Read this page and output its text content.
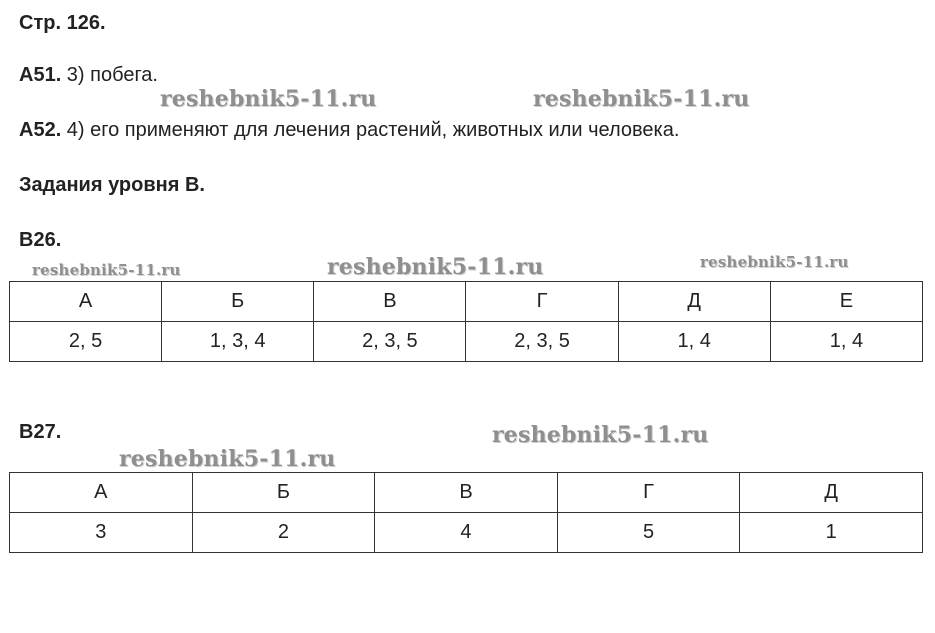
Стр. 126.
А51. 3) побега.
А52. 4) его применяют для лечения растений, животных или человека.
Задания уровня В.
В26.
А	Б	В	Г	Д	Е
2, 5	1, 3, 4	2, 3, 5	2, 3, 5	1, 4	1, 4
В27.
А	Б	В	Г	Д
3	2	4	5	1
reshebnik5-11.ru	reshebnik5-11.ru
reshebnik5-11.ru	reshebnik5-11.ru	reshebnik5-11.ru
reshebnik5-11.ru
reshebnik5-11.ru
